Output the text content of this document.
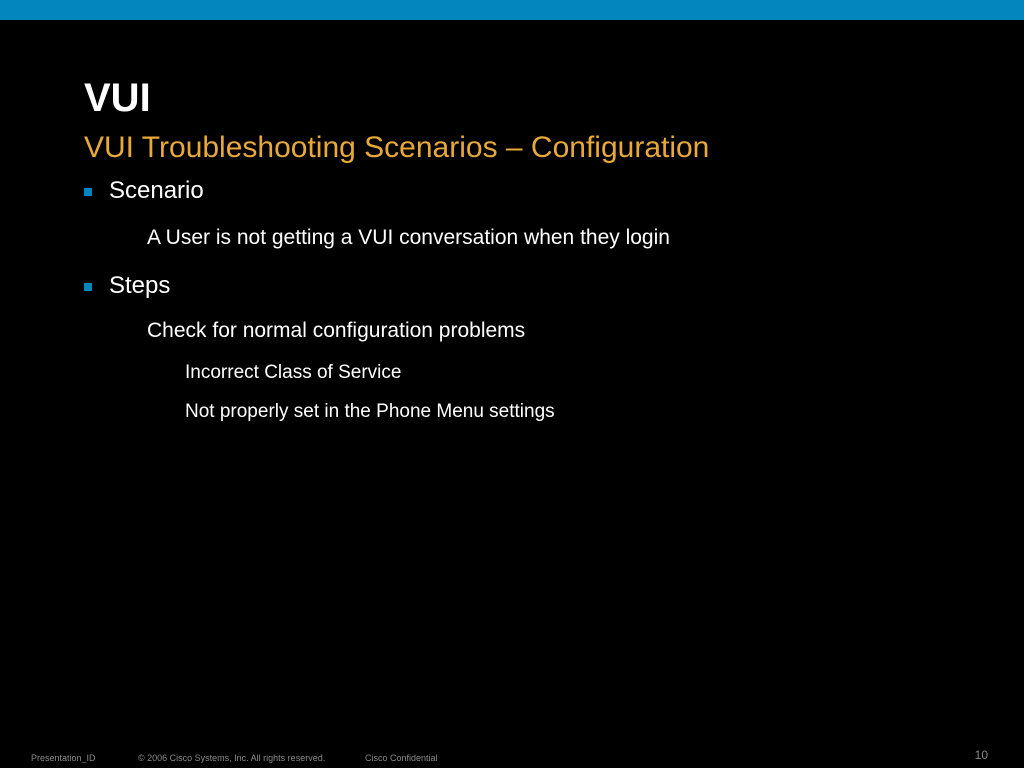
VUI
VUI Troubleshooting Scenarios – Configuration
Scenario
A User is not getting a VUI conversation when they login
Steps
Check for normal configuration problems
Incorrect Class of Service
Not properly set in the Phone Menu settings
Presentation_ID	© 2006 Cisco Systems, Inc. All rights reserved.	Cisco Confidential	10
